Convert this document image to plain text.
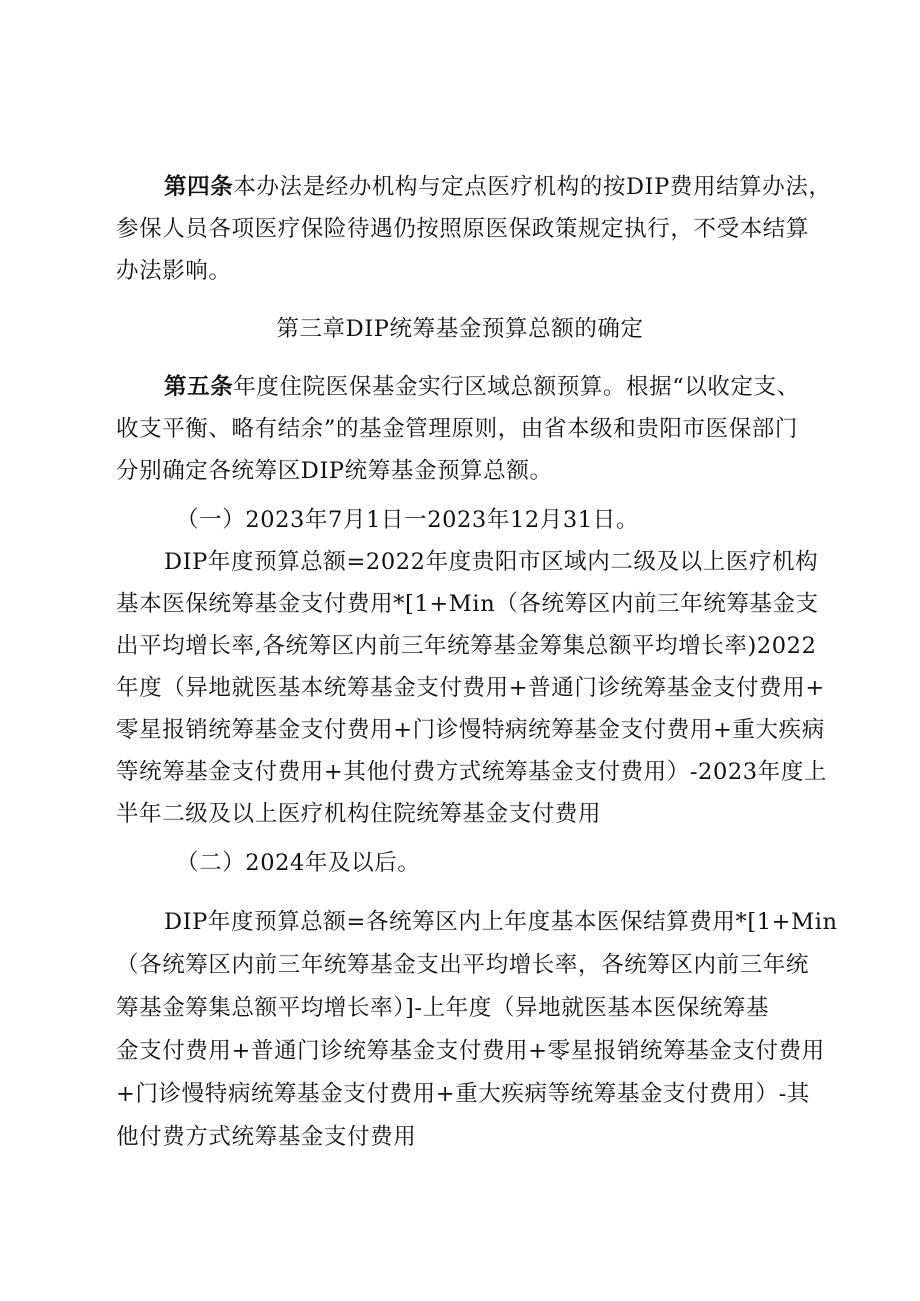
第四条本办法是经办机构与定点医疗机构的按DIP费用结算办法，
参保人员各项医疗保险待遇仍按照原医保政策规定执行，不受本结算
办法影响。
第三章DIP统筹基金预算总额的确定
第五条年度住院医保基金实行区域总额预算。根据“以收定支、
收支平衡、略有结余”的基金管理原则，由省本级和贵阳市医保部门
分别确定各统筹区DIP统筹基金预算总额。
（一）2023年7月1日一2023年12月31日。
DIP年度预算总额=2022年度贵阳市区域内二级及以上医疗机构
基本医保统筹基金支付费用*[1+Min（各统筹区内前三年统筹基金支
出平均增长率,各统筹区内前三年统筹基金筹集总额平均增长率)2022
年度（异地就医基本统筹基金支付费用+普通门诊统筹基金支付费用+
零星报销统筹基金支付费用+门诊慢特病统筹基金支付费用+重大疾病
等统筹基金支付费用+其他付费方式统筹基金支付费用）-2023年度上
半年二级及以上医疗机构住院统筹基金支付费用
（二）2024年及以后。
DIP年度预算总额=各统筹区内上年度基本医保结算费用*[1+Min
（各统筹区内前三年统筹基金支出平均增长率，各统筹区内前三年统
筹基金筹集总额平均增长率）]-上年度（异地就医基本医保统筹基
金支付费用+普通门诊统筹基金支付费用+零星报销统筹基金支付费用
+门诊慢特病统筹基金支付费用+重大疾病等统筹基金支付费用）-其
他付费方式统筹基金支付费用
